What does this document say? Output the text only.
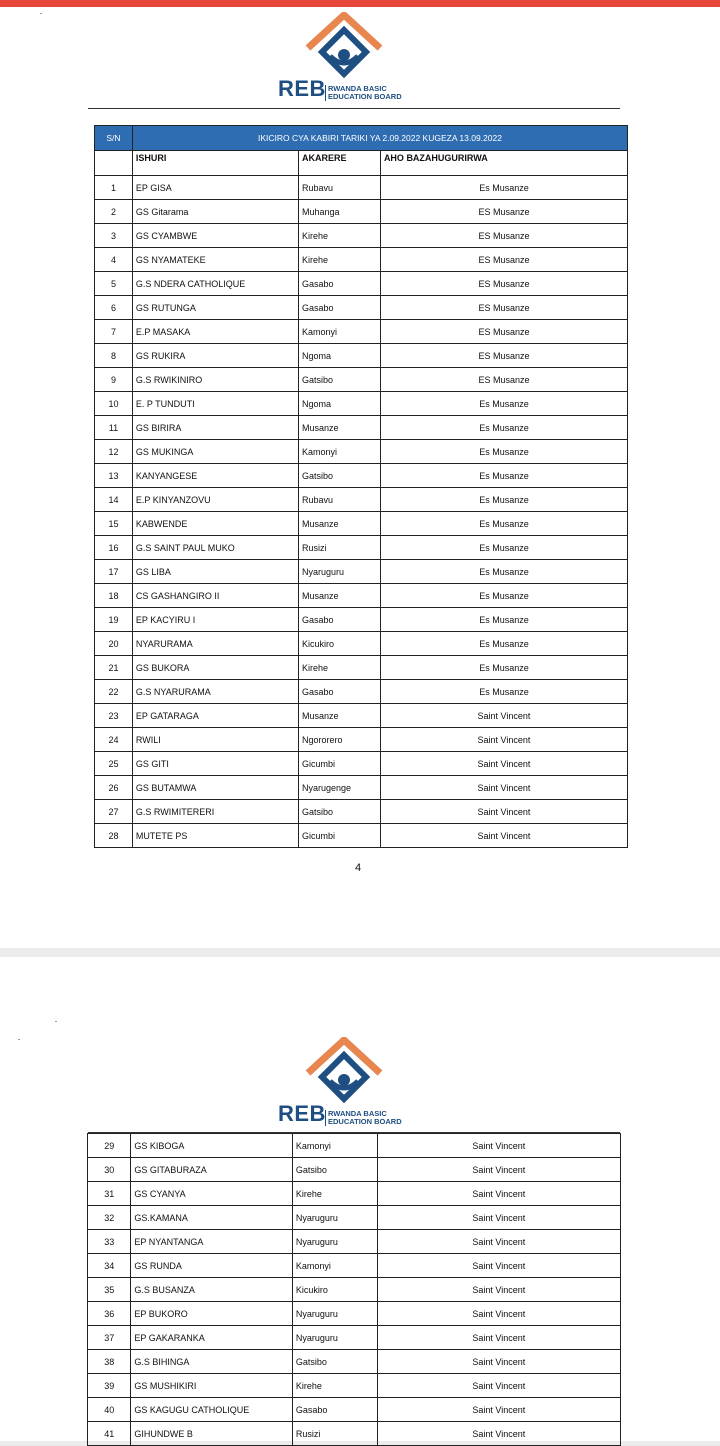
REB RWANDA BASIC
EDUCATION BOARD
S/N	IKICIRO CYA KABIRI TARIKI YA 2.09.2022 KUGEZA 13.09.2022		
	ISHURI	AKARERE	AHO BAZAHUGURIRWA
1	EP GISA	Rubavu	Es Musanze
2	GS Gitarama	Muhanga	ES Musanze
3	GS CYAMBWE	Kirehe	ES Musanze
4	GS NYAMATEKE	Kirehe	ES Musanze
5	G.S NDERA CATHOLIQUE	Gasabo	ES Musanze
6	GS RUTUNGA	Gasabo	ES Musanze
7	E.P MASAKA	Kamonyi	ES Musanze
8	GS RUKIRA	Ngoma	ES Musanze
9	G.S RWIKINIRO	Gatsibo	ES Musanze
10	E. P TUNDUTI	Ngoma	Es Musanze
11	GS BIRIRA	Musanze	Es Musanze
12	GS MUKINGA	Kamonyi	Es Musanze
13	KANYANGESE	Gatsibo	Es Musanze
14	E.P KINYANZOVU	Rubavu	Es Musanze
15	KABWENDE	Musanze	Es Musanze
16	G.S SAINT PAUL MUKO	Rusizi	Es Musanze
17	GS LIBA	Nyaruguru	Es Musanze
18	CS GASHANGIRO II	Musanze	Es Musanze
19	EP KACYIRU I	Gasabo	Es Musanze
20	NYARURAMA	Kicukiro	Es Musanze
21	GS BUKORA	Kirehe	Es Musanze
22	G.S NYARURAMA	Gasabo	Es Musanze
23	EP GATARAGA	Musanze	Saint Vincent
24	RWILI	Ngororero	Saint Vincent
25	GS GITI	Gicumbi	Saint Vincent
26	GS BUTAMWA	Nyarugenge	Saint Vincent
27	G.S RWIMITERERI	Gatsibo	Saint Vincent
28	MUTETE PS	Gicumbi	Saint Vincent
4
REB RWANDA BASIC
EDUCATION BOARD
29	GS KIBOGA	Kamonyi	Saint Vincent
30	GS GITABURAZA	Gatsibo	Saint Vincent
31	GS CYANYA	Kirehe	Saint Vincent
32	GS.KAMANA	Nyaruguru	Saint Vincent
33	EP NYANTANGA	Nyaruguru	Saint Vincent
34	GS RUNDA	Kamonyi	Saint Vincent
35	G.S BUSANZA	Kicukiro	Saint Vincent
36	EP BUKORO	Nyaruguru	Saint Vincent
37	EP GAKARANKA	Nyaruguru	Saint Vincent
38	G.S BIHINGA	Gatsibo	Saint Vincent
39	GS MUSHIKIRI	Kirehe	Saint Vincent
40	GS KAGUGU CATHOLIQUE	Gasabo	Saint Vincent
41	GIHUNDWE B	Rusizi	Saint Vincent
